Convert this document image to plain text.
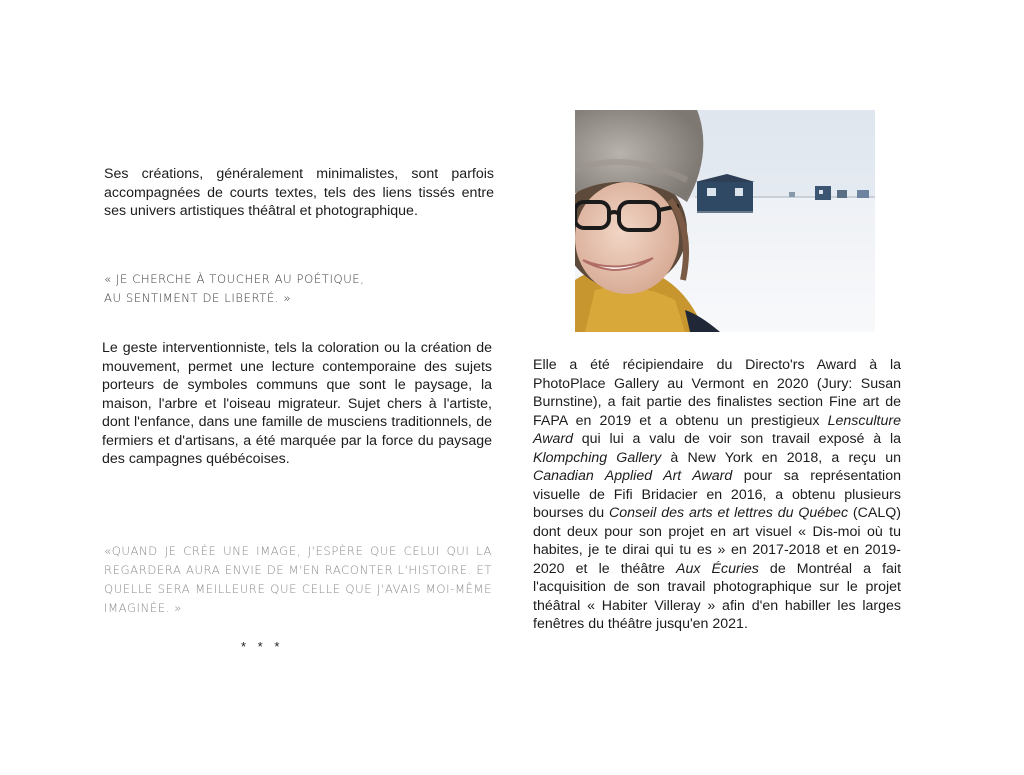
Ses créations, généralement minimalistes, sont parfois accompagnées de courts textes, tels des liens tissés entre ses univers artistiques théâtral et photographique.

« JE CHERCHE À TOUCHER AU POÉTIQUE,
AU SENTIMENT DE LIBERTÉ. »

Le geste interventionniste, tels la coloration ou la création de mouvement, permet une lecture contemporaine des sujets porteurs de symboles communs que sont le paysage, la maison, l'arbre et l'oiseau migrateur. Sujet chers à l'artiste, dont l'enfance, dans une famille de musciens traditionnels, de fermiers et d'artisans, a été marquée par la force du paysage des campagnes québécoises.

«QUAND JE CRÉE UNE IMAGE, J'ESPÈRE QUE CELUI QUI LA REGARDERA AURA ENVIE DE M'EN RACONTER L'HISTOIRE. ET QUELLE SERA MEILLEURE QUE CELLE QUE J'AVAIS MOI-MÊME IMAGINÉE. »

* * *

Elle a été récipiendaire du Directo'rs Award à la PhotoPlace Gallery au Vermont en 2020 (Jury: Susan Burnstine), a fait partie des finalistes section Fine art de FAPA en 2019 et a obtenu un prestigieux Lensculture Award qui lui a valu de voir son travail exposé à la Klompching Gallery à New York en 2018, a reçu un Canadian Applied Art Award pour sa représentation visuelle de Fifi Bridacier en 2016, a obtenu plusieurs bourses du Conseil des arts et lettres du Québec (CALQ) dont deux pour son projet en art visuel « Dis-moi où tu habites, je te dirai qui tu es » en 2017-2018 et en 2019-2020 et le théâtre Aux Écuries de Montréal a fait l'acquisition de son travail photographique sur le projet théâtral « Habiter Villeray » afin d'en habiller les larges fenêtres du théâtre jusqu'en 2021.
